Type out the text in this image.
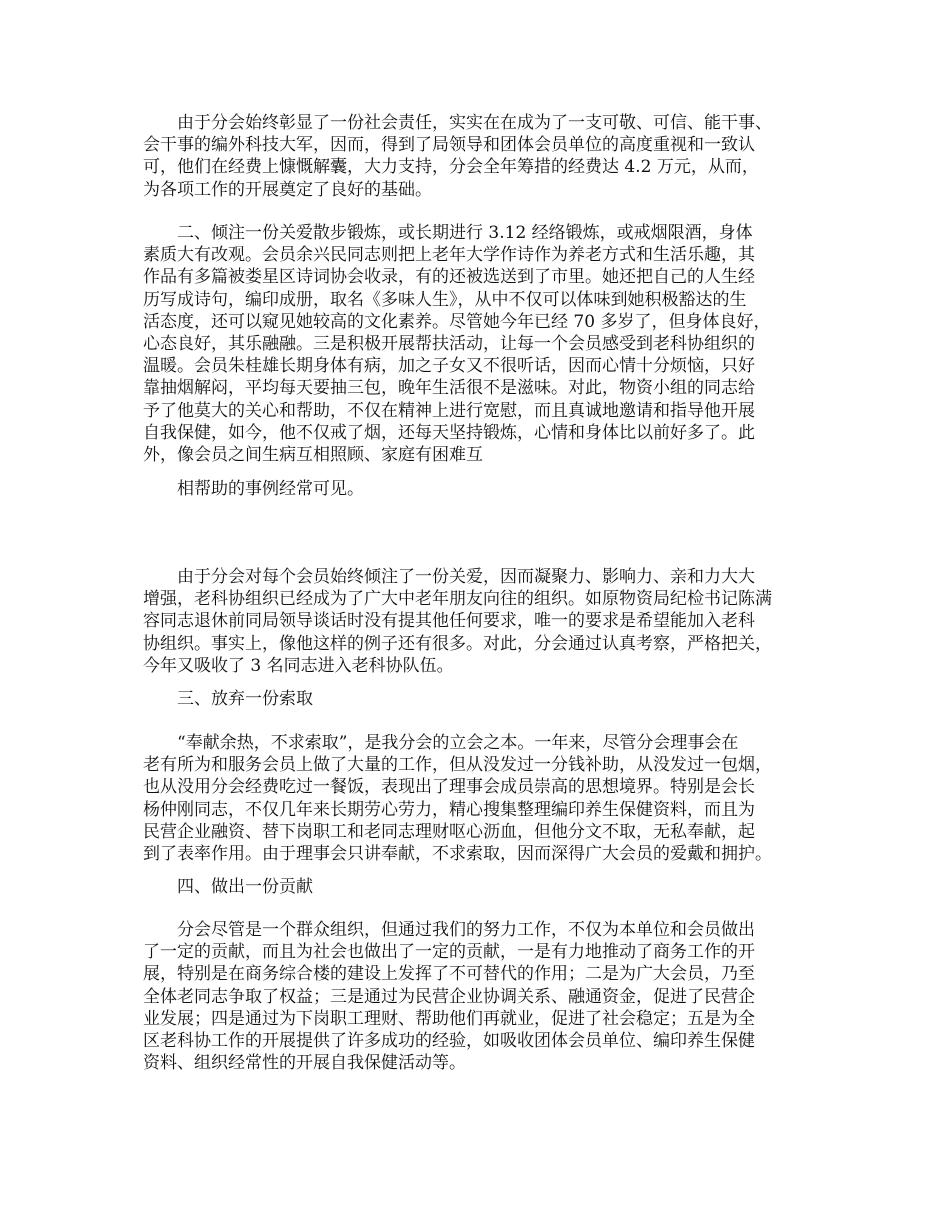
由于分会始终彰显了一份社会责任，实实在在成为了一支可敬、可信、能干事、
会干事的编外科技大军，因而，得到了局领导和团体会员单位的高度重视和一致认
可，他们在经费上慷慨解囊，大力支持，分会全年筹措的经费达 4.2 万元，从而，
为各项工作的开展奠定了良好的基础。
二、倾注一份关爱散步锻炼，或长期进行 3.12 经络锻炼，或戒烟限酒，身体
素质大有改观。会员余兴民同志则把上老年大学作诗作为养老方式和生活乐趣，其
作品有多篇被娄星区诗词协会收录，有的还被选送到了市里。她还把自己的人生经
历写成诗句，编印成册，取名《多味人生》，从中不仅可以体味到她积极豁达的生
活态度，还可以窥见她较高的文化素养。尽管她今年已经 70 多岁了，但身体良好，
心态良好，其乐融融。三是积极开展帮扶活动，让每一个会员感受到老科协组织的
温暖。会员朱桂雄长期身体有病，加之子女又不很听话，因而心情十分烦恼，只好
靠抽烟解闷，平均每天要抽三包，晚年生活很不是滋味。对此，物资小组的同志给
予了他莫大的关心和帮助，不仅在精神上进行宽慰，而且真诚地邀请和指导他开展
自我保健，如今，他不仅戒了烟，还每天坚持锻炼，心情和身体比以前好多了。此
外，像会员之间生病互相照顾、家庭有困难互
相帮助的事例经常可见。
由于分会对每个会员始终倾注了一份关爱，因而凝聚力、影响力、亲和力大大
增强，老科协组织已经成为了广大中老年朋友向往的组织。如原物资局纪检书记陈满
容同志退休前同局领导谈话时没有提其他任何要求，唯一的要求是希望能加入老科
协组织。事实上，像他这样的例子还有很多。对此，分会通过认真考察，严格把关，
今年又吸收了 3 名同志进入老科协队伍。
三、放弃一份索取
“奉献余热，不求索取”，是我分会的立会之本。一年来，尽管分会理事会在
老有所为和服务会员上做了大量的工作，但从没发过一分钱补助，从没发过一包烟，
也从没用分会经费吃过一餐饭，表现出了理事会成员崇高的思想境界。特别是会长
杨仲刚同志，不仅几年来长期劳心劳力，精心搜集整理编印养生保健资料，而且为
民营企业融资、替下岗职工和老同志理财呕心沥血，但他分文不取，无私奉献，起
到了表率作用。由于理事会只讲奉献，不求索取，因而深得广大会员的爱戴和拥护。
四、做出一份贡献
分会尽管是一个群众组织，但通过我们的努力工作，不仅为本单位和会员做出
了一定的贡献，而且为社会也做出了一定的贡献，一是有力地推动了商务工作的开
展，特别是在商务综合楼的建设上发挥了不可替代的作用；二是为广大会员，乃至
全体老同志争取了权益；三是通过为民营企业协调关系、融通资金，促进了民营企
业发展；四是通过为下岗职工理财、帮助他们再就业，促进了社会稳定；五是为全
区老科协工作的开展提供了许多成功的经验，如吸收团体会员单位、编印养生保健
资料、组织经常性的开展自我保健活动等。
